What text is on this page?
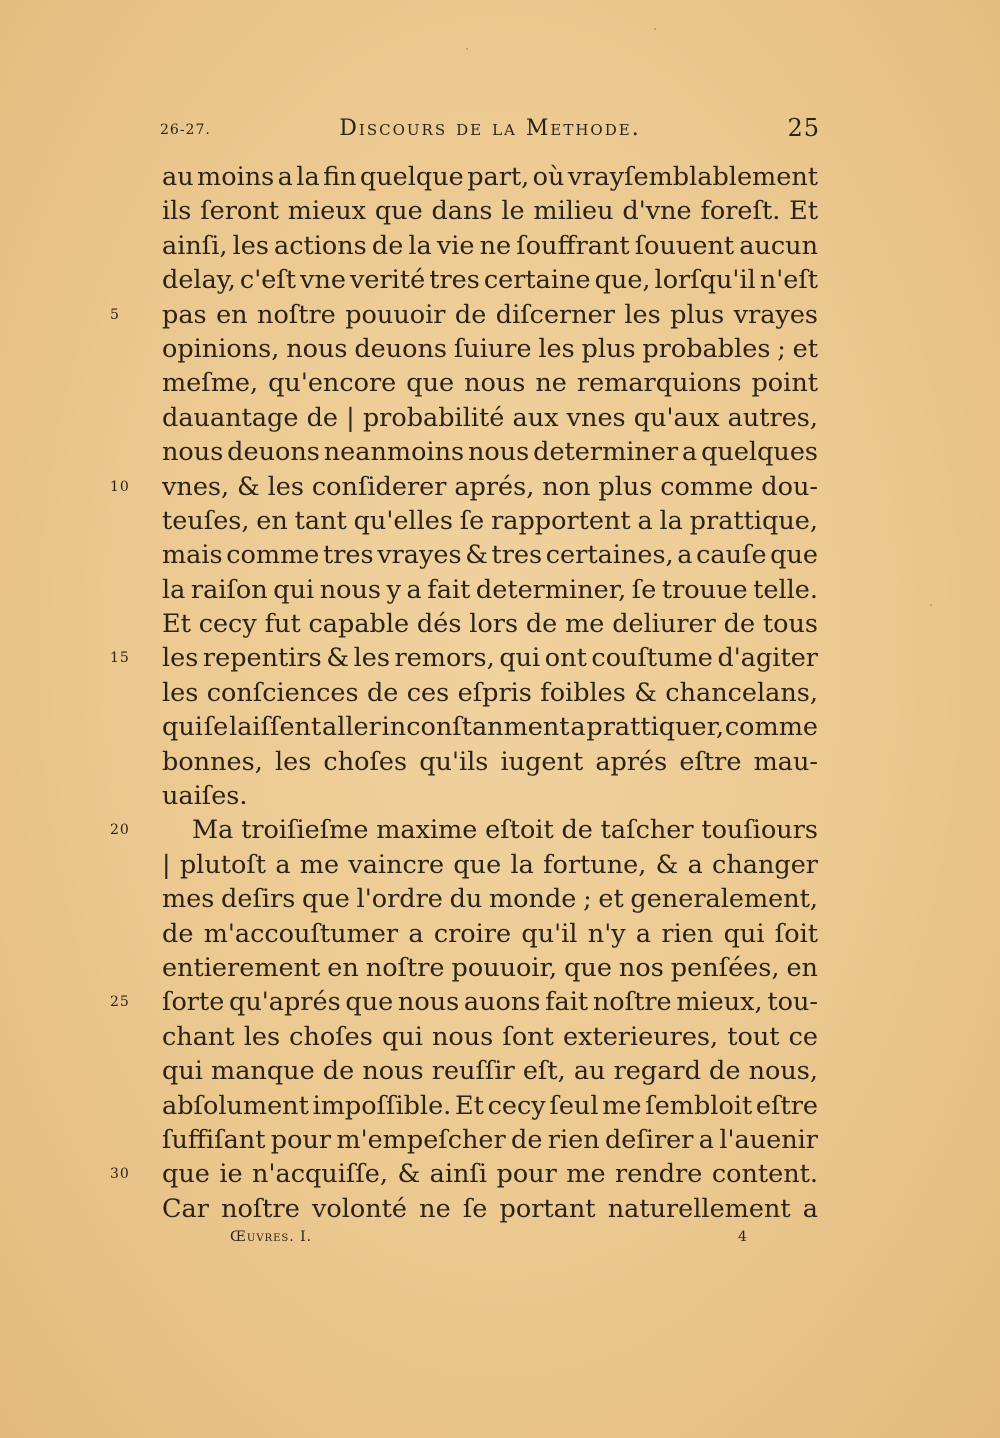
26-27.	Discours de la Methode.	25
au moins a la fin quelque part, où vrayſemblablement
ils ſeront mieux que dans le milieu d'vne foreſt. Et
ainſi, les actions de la vie ne ſouffrant ſouuent aucun
delay, c'eſt vne verité tres certaine que, lorſqu'il n'eſt
5	pas en noſtre pouuoir de diſcerner les plus vrayes
opinions, nous deuons ſuiure les plus probables ; et
meſme, qu'encore que nous ne remarquions point
dauantage de | probabilité aux vnes qu'aux autres,
nous deuons neanmoins nous determiner a quelques
10	vnes, & les conſiderer aprés, non plus comme dou-
teuſes, en tant qu'elles ſe rapportent a la prattique,
mais comme tres vrayes & tres certaines, a cauſe que
la raiſon qui nous y a fait determiner, ſe trouue telle.
Et cecy fut capable dés lors de me deliurer de tous
15	les repentirs & les remors, qui ont couſtume d'agiter
les conſciences de ces eſpris foibles & chancelans,
qui ſe laiſſent aller inconſtanment a prattiquer, comme
bonnes, les choſes qu'ils iugent aprés eſtre mau-
uaiſes.
20	Ma troiſieſme maxime eſtoit de taſcher touſiours
| plutoſt a me vaincre que la fortune, & a changer
mes deſirs que l'ordre du monde ; et generalement,
de m'accouſtumer a croire qu'il n'y a rien qui ſoit
entierement en noſtre pouuoir, que nos penſées, en
25	ſorte qu'aprés que nous auons fait noſtre mieux, tou-
chant les choſes qui nous ſont exterieures, tout ce
qui manque de nous reuſſir eſt, au regard de nous,
abſolument impoſſible. Et cecy ſeul me ſembloit eſtre
ſuffiſant pour m'empeſcher de rien deſirer a l'auenir
30	que ie n'acquiſſe, & ainſi pour me rendre content.
Car noſtre volonté ne ſe portant naturellement a
Œuvres. I.	4
